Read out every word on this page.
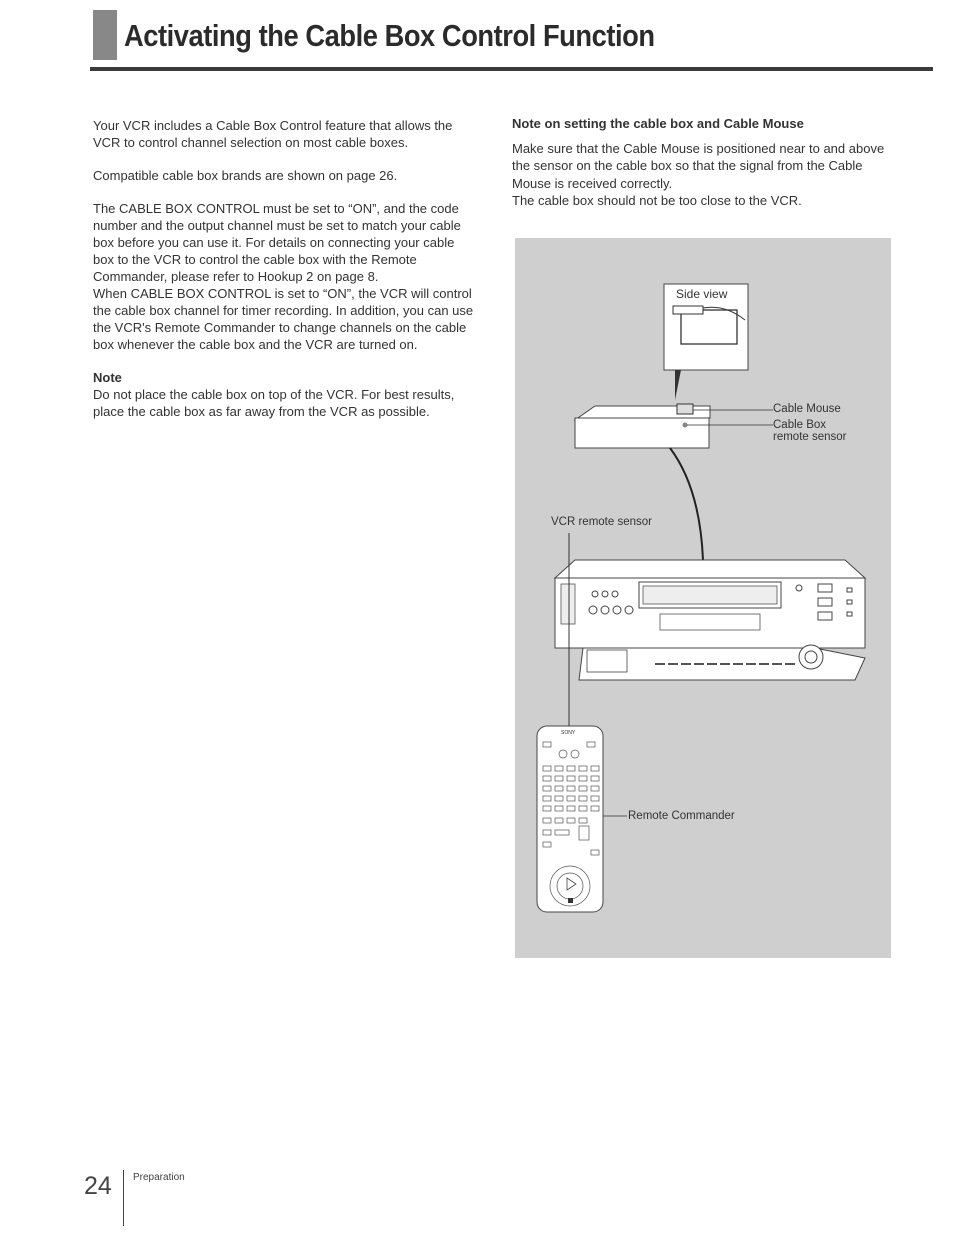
Activating the Cable Box Control Function

Your VCR includes a Cable Box Control feature that allows the VCR to control channel selection on most cable boxes.

Compatible cable box brands are shown on page 26.

The CABLE BOX CONTROL must be set to “ON”, and the code number and the output channel must be set to match your cable box before you can use it. For details on connecting your cable box to the VCR to control the cable box with the Remote Commander, please refer to Hookup 2 on page 8.

When CABLE BOX CONTROL is set to “ON”, the VCR will control the cable box channel for timer recording. In addition, you can use the VCR's Remote Commander to change channels on the cable box whenever the cable box and the VCR are turned on.

Note

Do not place the cable box on top of the VCR. For best results, place the cable box as far away from the VCR as possible.

Note on setting the cable box and Cable Mouse

Make sure that the Cable Mouse is positioned near to and above the sensor on the cable box so that the signal from the Cable Mouse is received correctly.

The cable box should not be too close to the VCR.

SONY
Side view
Cable Mouse
Cable Box
remote sensor
VCR remote sensor
Remote Commander
24 Preparation
